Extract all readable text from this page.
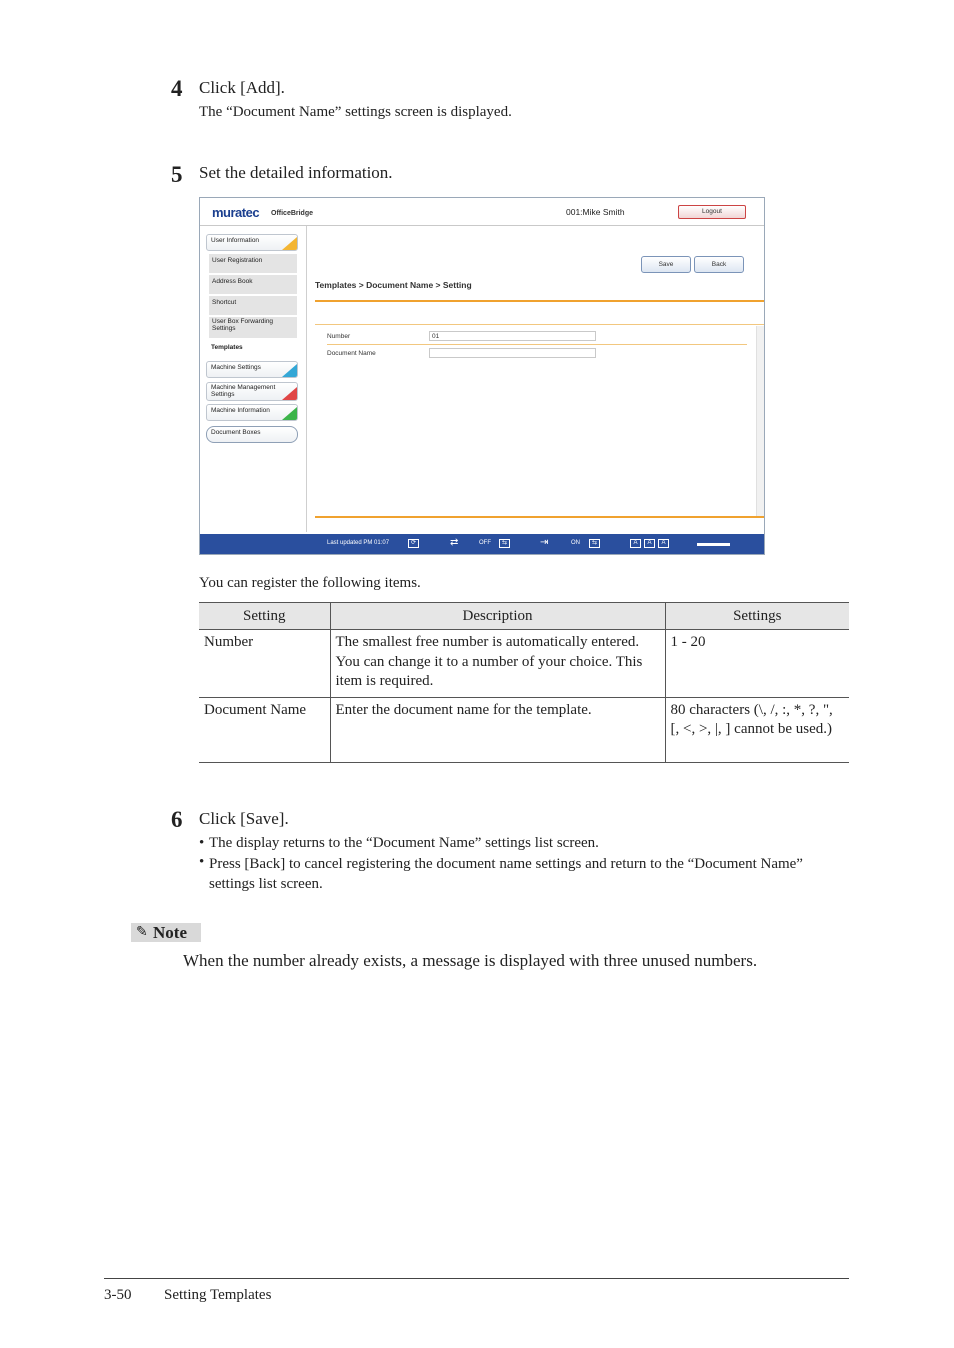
4 Click [Add].
The “Document Name” settings screen is displayed.
5 Set the detailed information.
muratec OfficeBridge	001:Mike Smith	Logout
User Information
User Registration
Address Book
Shortcut
User Box Forwarding Settings
Templates
Machine Settings
Machine Management Settings
Machine Information
Document Boxes
Save	Back
Templates > Document Name > Setting
Number	01
Document Name
Last updated PM 01:07	⟳	⇄	OFF	⇆	⇥	ON	⇆	A	A	A
You can register the following items.
Setting	Description	Settings
Number	The smallest free number is automatically entered. You can change it to a number of your choice. This item is required.	1 - 20
Document Name	Enter the document name for the template.	80 characters (\, /, :, *, ?, ", [, <, >, |, ] cannot be used.)
6 Click [Save].
• The display returns to the “Document Name” settings list screen.
• Press [Back] to cancel registering the document name settings and return to the “Document Name” settings list screen.
✎ Note
When the number already exists, a message is displayed with three unused numbers.
3-50 Setting Templates
